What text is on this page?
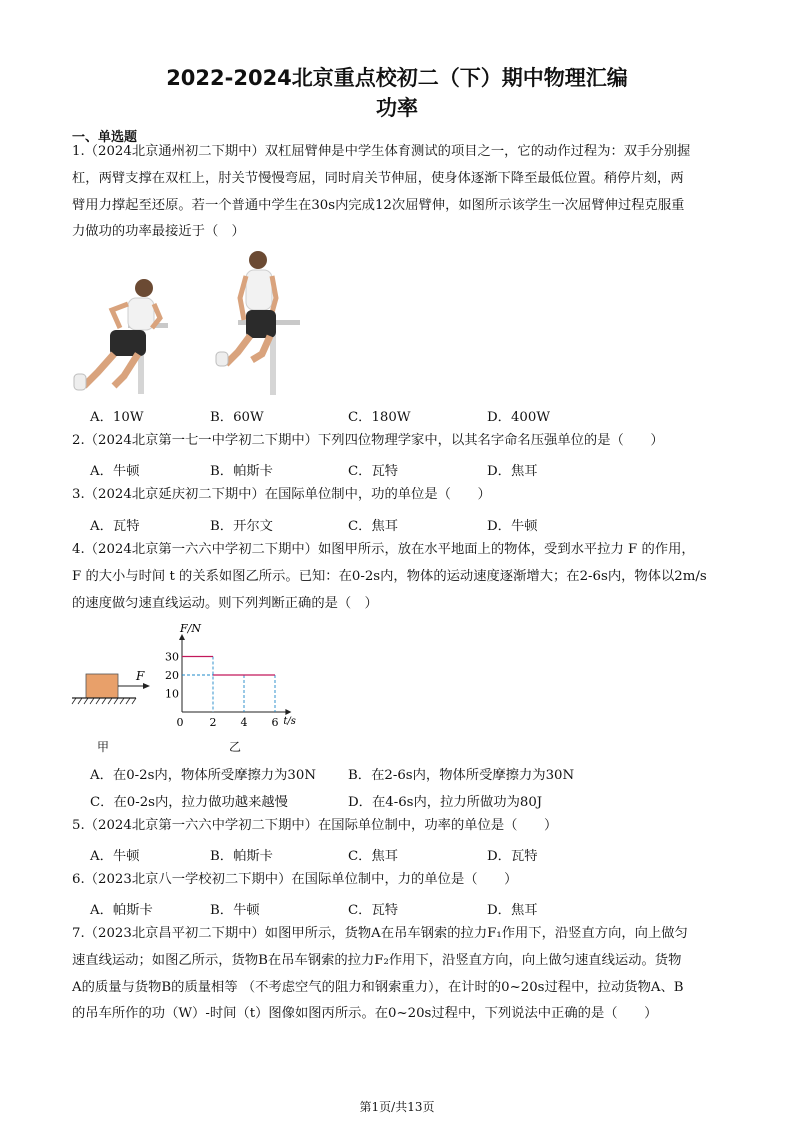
2022-2024北京重点校初二（下）期中物理汇编
功率
一、单选题
1.（2024北京通州初二下期中）双杠屈臂伸是中学生体育测试的项目之一，它的动作过程为：双手分别握
杠，两臂支撑在双杠上，肘关节慢慢弯屈，同时肩关节伸屈，使身体逐渐下降至最低位置。稍停片刻，两
臂用力撑起至还原。若一个普通中学生在30s内完成12次屈臂伸，如图所示该学生一次屈臂伸过程克服重
力做功的功率最接近于（　）
A．10W	B．60W	C．180W	D．400W
2.（2024北京第一七一中学初二下期中）下列四位物理学家中，以其名字命名压强单位的是（　　）
A．牛顿	B．帕斯卡	C．瓦特	D．焦耳
3.（2024北京延庆初二下期中）在国际单位制中，功的单位是（　　）
A．瓦特	B．开尔文	C．焦耳	D．牛顿
4.（2024北京第一六六中学初二下期中）如图甲所示，放在水平地面上的物体，受到水平拉力 F 的作用，
F 的大小与时间 t 的关系如图乙所示。已知：在0-2s内，物体的运动速度逐渐增大；在2-6s内，物体以2m/s
的速度做匀速直线运动。则下列判断正确的是（　）
F
F/N
t/s
10
20
30
0 2 4 6
甲	乙
A．在0-2s内，物体所受摩擦力为30N B．在2-6s内，物体所受摩擦力为30N
C．在0-2s内，拉力做功越来越慢	D．在4-6s内，拉力所做功为80J
5.（2024北京第一六六中学初二下期中）在国际单位制中，功率的单位是（　　）
A．牛顿	B．帕斯卡	C．焦耳	D．瓦特
6.（2023北京八一学校初二下期中）在国际单位制中，力的单位是（　　）
A．帕斯卡	B．牛顿	C．瓦特	D．焦耳
7.（2023北京昌平初二下期中）如图甲所示，货物A在吊车钢索的拉力F₁作用下，沿竖直方向，向上做匀
速直线运动；如图乙所示，货物B在吊车钢索的拉力F₂作用下，沿竖直方向，向上做匀速直线运动。货物
A的质量与货物B的质量相等 （不考虑空气的阻力和钢索重力），在计时的0~20s过程中，拉动货物A、B
的吊车所作的功（W）-时间（t）图像如图丙所示。在0~20s过程中，下列说法中正确的是（　　）
第1页/共13页
